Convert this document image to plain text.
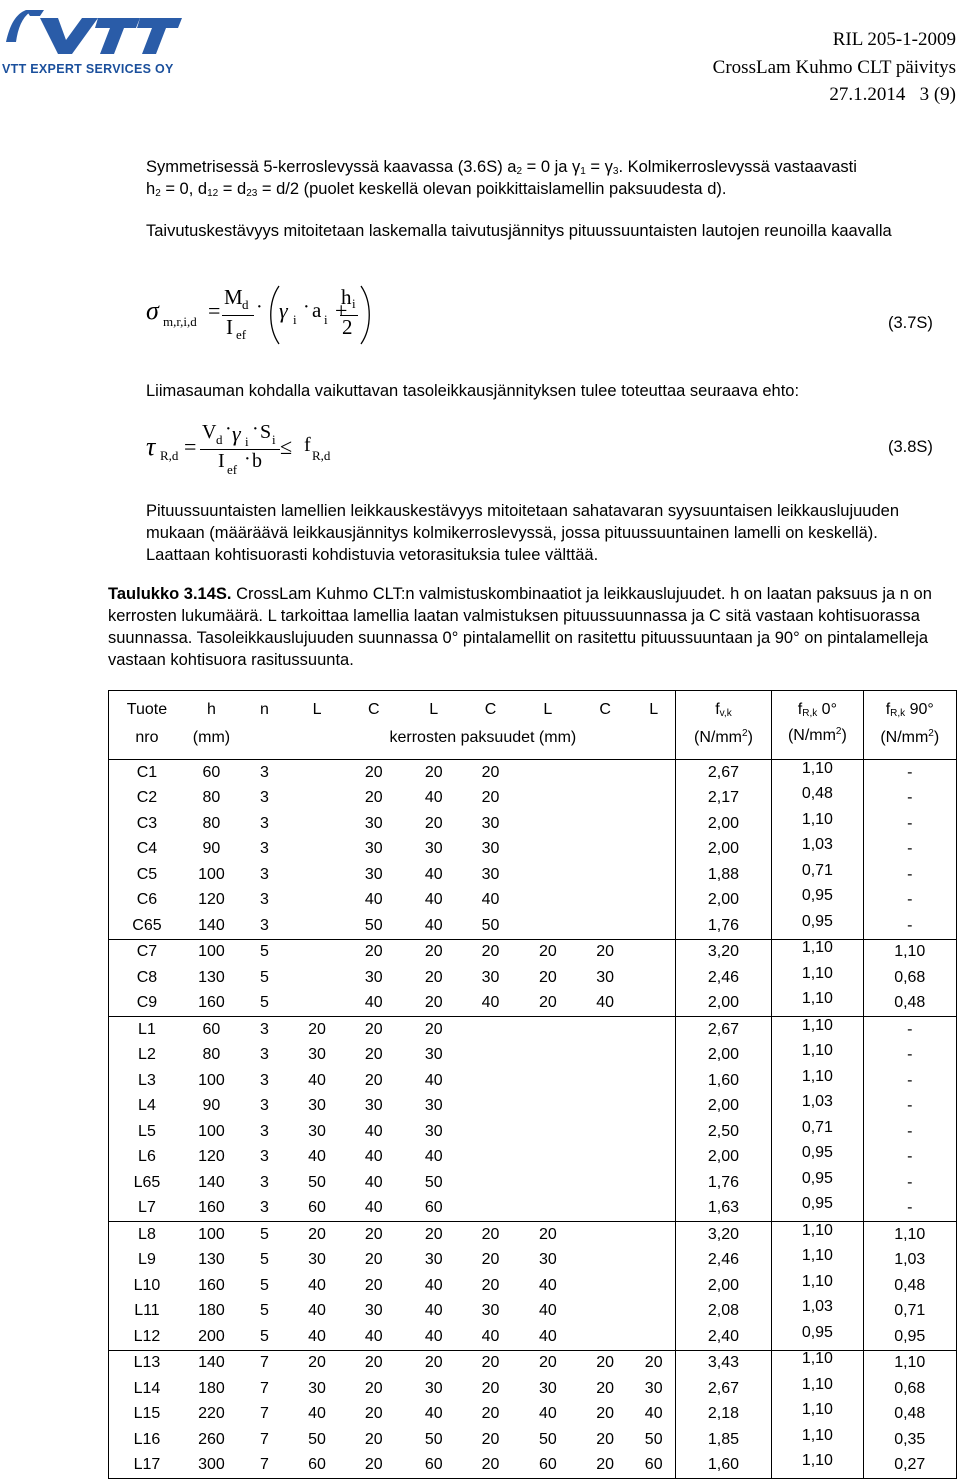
VTT EXPERT SERVICES OY
RIL 205-1-2009
CrossLam Kuhmo CLT päivitys
27.1.2014   3 (9)
Symmetrisessä 5-kerroslevyssä kaavassa (3.6S) $a_2 = 0$ ja $\gamma_1 = \gamma_3$. Kolmikerroslevyssä vastaavasti
$h_2 = 0$, $d_{12} = d_{23} = d/2$ (puolet keskellä olevan poikkittaislamellin paksuudesta d).
Taivutuskestävyys mitoitetaan laskemalla taivutusjännitys pituussuuntaisten lautojen reunoilla kaavalla
σ m,r,i,d =
M d
I ef
· γ i
· a i +
h i
2	(3.7S)
Liimasauman kohdalla vaikuttavan tasoleikkausjännityksen tulee toteuttaa seuraava ehto:
τ R,d =
V d · γ i
· S i
I ef · b
≤ f R,d	(3.8S)
Pituussuuntaisten lamellien leikkauskestävyys mitoitetaan sahatavaran syysuuntaisen leikkauslujuuden mukaan (määräävä leikkausjännitys kolmikerroslevyssä, jossa pituussuuntainen lamelli on keskellä). Laattaan kohtisuorasti kohdistuvia vetorasituksia tulee välttää.
Taulukko 3.14S. CrossLam Kuhmo CLT:n valmistuskombinaatiot ja leikkauslujuudet. h on laatan paksuus ja n on kerrosten lukumäärä. L tarkoittaa lamellia laatan valmistuksen pituussuunnassa ja C sitä vastaan kohtisuorassa suunnassa. Tasoleikkauslujuuden suunnassa 0° pintalamellit on rasitettu pituussuuntaan ja 90° on pintalamelleja vastaan kohtisuora rasitussuunta.
Tuote	h	n	L	C	L	C	L	C	L	$f_{v,k}$	$f_{R,k}$ 0°	$f_{R,k}$ 90°
nro	(mm)		kerrosten paksuudet (mm)							$(N/mm^2)$	$(N/mm^2)$	$(N/mm^2)$
C1	60	3		20	20	20				2,67	1,10	-
C2	80	3		20	40	20				2,17	0,48	-
C3	80	3		30	20	30				2,00	1,10	-
C4	90	3		30	30	30				2,00	1,03	-
C5	100	3		30	40	30				1,88	0,71	-
C6	120	3		40	40	40				2,00	0,95	-
C65	140	3		50	40	50				1,76	0,95	-
C7	100	5		20	20	20	20	20		3,20	1,10	1,10
C8	130	5		30	20	30	20	30		2,46	1,10	0,68
C9	160	5		40	20	40	20	40		2,00	1,10	0,48
L1	60	3	20	20	20					2,67	1,10	-
L2	80	3	30	20	30					2,00	1,10	-
L3	100	3	40	20	40					1,60	1,10	-
L4	90	3	30	30	30					2,00	1,03	-
L5	100	3	30	40	30					2,50	0,71	-
L6	120	3	40	40	40					2,00	0,95	-
L65	140	3	50	40	50					1,76	0,95	-
L7	160	3	60	40	60					1,63	0,95	-
L8	100	5	20	20	20	20	20			3,20	1,10	1,10
L9	130	5	30	20	30	20	30			2,46	1,10	1,03
L10	160	5	40	20	40	20	40			2,00	1,10	0,48
L11	180	5	40	30	40	30	40			2,08	1,03	0,71
L12	200	5	40	40	40	40	40			2,40	0,95	0,95
L13	140	7	20	20	20	20	20	20	20	3,43	1,10	1,10
L14	180	7	30	20	30	20	30	20	30	2,67	1,10	0,68
L15	220	7	40	20	40	20	40	20	40	2,18	1,10	0,48
L16	260	7	50	20	50	20	50	20	50	1,85	1,10	0,35
L17	300	7	60	20	60	20	60	20	60	1,60	1,10	0,27
